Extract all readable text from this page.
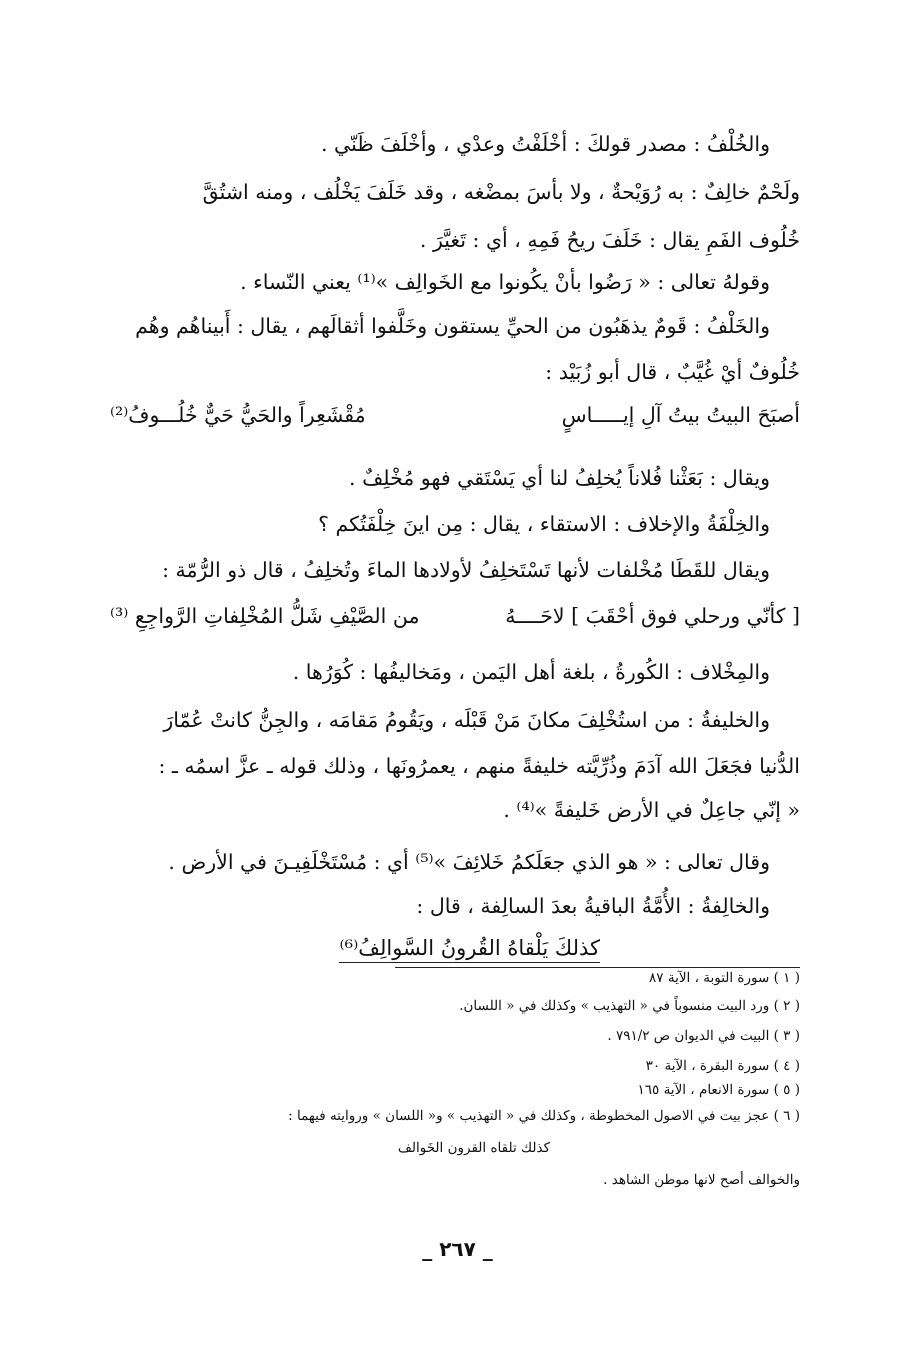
والخُلْفُ : مصدر قولكَ : أخْلَفْتُ وعدْي ، وأخْلَفَ ظَنّي .
ولَحْمٌ خالِفٌ : به رُوَيْحةٌ ، ولا بأسَ بمضْغه ، وقد خَلَفَ يَخْلُف ، ومنه اشتُقَّ
خُلُوف الفَمِ يقال : خَلَفَ ريحُ فَمِهِ ، أي : تَغيَّرَ .
وقولهُ تعالى : « رَضُوا بأنْ يكُونوا مع الخَوالِف »⁽¹⁾ يعني النّساء .
والخَلْفُ : قَومٌ يذهَبُون من الحيِّ يستقون وخَلَّفوا أثقالَهم ، يقال : أَبيناهُم وهُم
خُلُوفٌ أيْ غُيَّبٌ ، قال أبو زُبَيْد :
أصبَحَ البيتُ بيتُ آلِ إيـــــاسٍ
مُقْشَعِراً والحَيُّ حَيٌّ خُلُـــوفُ⁽²⁾
ويقال : بَعَثْنا فُلاناً يُخلِفُ لنا أي يَسْتَقي فهو مُخْلِفٌ .
والخِلْفَةُ والإخلاف : الاستقاء ، يقال : مِن اينَ خِلْفَتُكم ؟
ويقال للقَطَا مُخْلفات لأنها تَسْتَخلِفُ لأولادها الماءَ وتُخلِفُ ، قال ذو الرُّمّة :
[ كأنّي ورحلي فوق أحْقَبَ ] لاحَــــهُ
من الصَّيْفِ شَلُّ المُخْلِفاتِ الرَّواجِعِ ⁽³⁾
والمِخْلاف : الكُورةُ ، بلغة أهل اليَمن ، ومَخاليفُها : كُوَرُها .
والخليفةُ : من استُخْلِفَ مكانَ مَنْ قَبْلَه ، ويَقُومُ مَقامَه ، والجِنُّ كانتْ عُمّارَ
الدُّنيا فجَعَلَ الله آدَمَ وذُرِّيَّته خليفةً منهم ، يعمرُونَها ، وذلك قوله ـ عزَّ اسمُه ـ :
« إنّي جاعِلٌ في الأرض خَليفةً »⁽⁴⁾ .
وقال تعالى : « هو الذي جعَلَكمُ خَلائِفَ »⁽⁵⁾ أي : مُسْتَخْلَفِيـنَ في الأرض .
والخالِفةُ : الأُمَّةُ الباقيةُ بعدَ السالِفة ، قال :
كذلكَ يَلْقاهُ القُرونُ السَّوالِفُ⁽⁶⁾
( ١ ) سورة التوبة ، الآية ٨٧
( ٢ ) ورد البيت منسوباً في « التهذيب » وكذلك في « اللسان.
( ٣ ) البيت في الديوان ص ٧٩١/٢ .
( ٤ ) سورة البقرة ، الآية ٣٠
( ٥ ) سورة الانعام ، الآية ١٦٥
( ٦ ) عجز بيت في الاصول المخطوطة ، وكذلك في « التهذيب » و« اللسان » وروايته فيهما :
كذلك تلقاه القرون الخَوالف
والخوالف أصح لانها موطن الشاهد .
_ ٢٦٧ _
